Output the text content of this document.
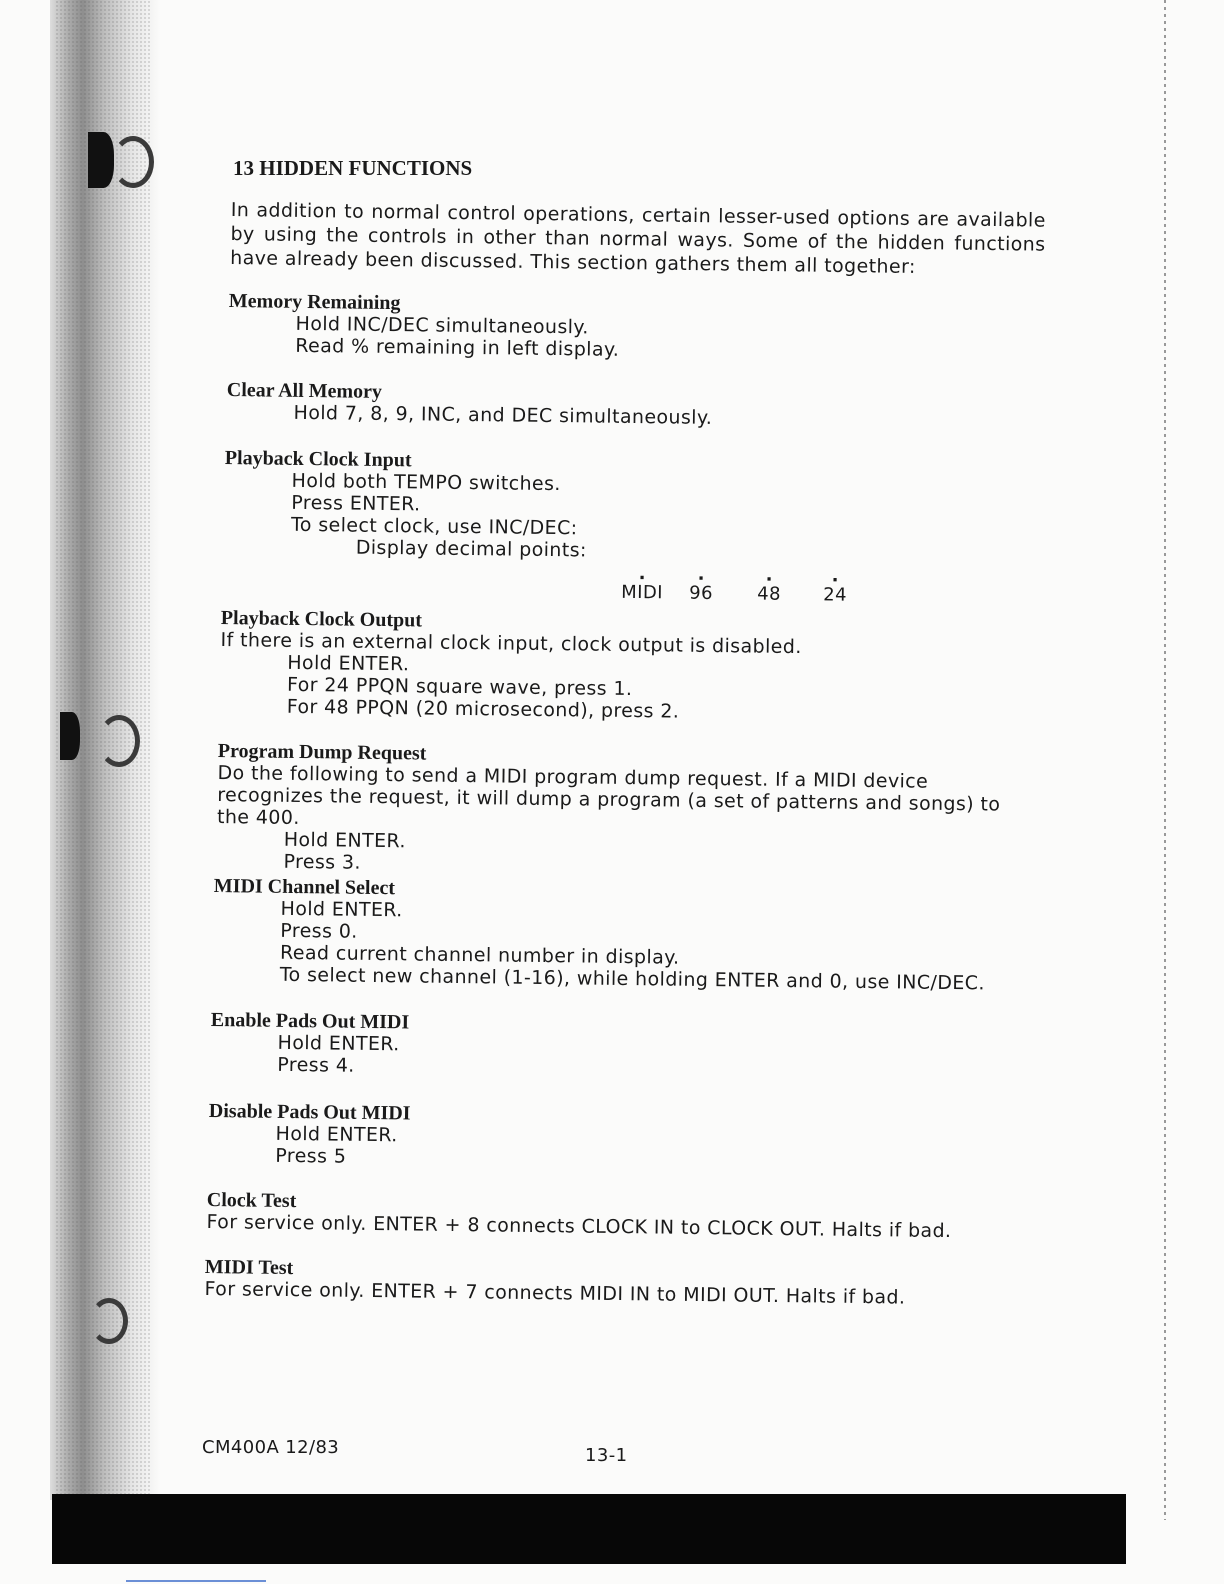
13 HIDDEN FUNCTIONS
In addition to normal control operations, certain lesser-used options are available by using the controls in other than normal ways. Some of the hidden functions have already been discussed. This section gathers them all together:
Memory Remaining
Hold INC/DEC simultaneously.
Read % remaining in left display.
Clear All Memory
Hold 7, 8, 9, INC, and DEC simultaneously.
Playback Clock Input
Hold both TEMPO switches.
Press ENTER.
To select clock, use INC/DEC:
Display decimal points:
.
MIDI
.
96
.
48
.
24
Playback Clock Output
If there is an external clock input, clock output is disabled.
Hold ENTER.
For 24 PPQN square wave, press 1.
For 48 PPQN (20 microsecond), press 2.
Program Dump Request
Do the following to send a MIDI program dump request. If a MIDI device recognizes the request, it will dump a program (a set of patterns and songs) to the 400.
Hold ENTER.
Press 3.
MIDI Channel Select
Hold ENTER.
Press 0.
Read current channel number in display.
To select new channel (1-16), while holding ENTER and 0, use INC/DEC.
Enable Pads Out MIDI
Hold ENTER.
Press 4.
Disable Pads Out MIDI
Hold ENTER.
Press 5
Clock Test
For service only. ENTER + 8 connects CLOCK IN to CLOCK OUT. Halts if bad.
MIDI Test
For service only. ENTER + 7 connects MIDI IN to MIDI OUT. Halts if bad.
CM400A 12/83	13-1
